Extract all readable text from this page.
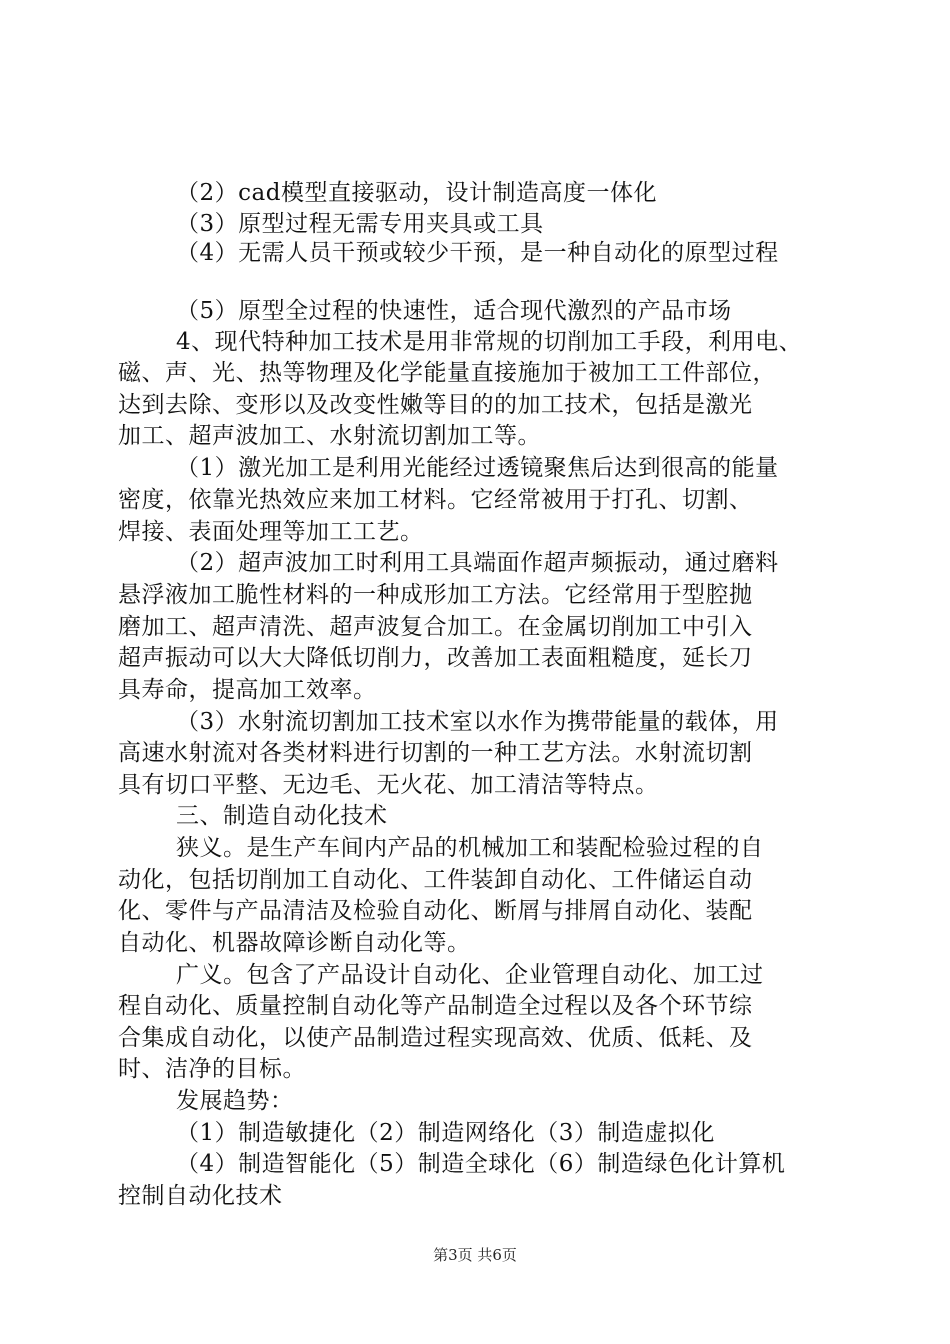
（2）cad模型直接驱动，设计制造高度一体化
（3）原型过程无需专用夹具或工具
（4）无需人员干预或较少干预，是一种自动化的原型过程
（5）原型全过程的快速性，适合现代激烈的产品市场
4、现代特种加工技术是用非常规的切削加工手段，利用电、
磁、声、光、热等物理及化学能量直接施加于被加工工件部位，
达到去除、变形以及改变性嫩等目的的加工技术，包括是激光
加工、超声波加工、水射流切割加工等。
（1）激光加工是利用光能经过透镜聚焦后达到很高的能量
密度，依靠光热效应来加工材料。它经常被用于打孔、切割、
焊接、表面处理等加工工艺。
（2）超声波加工时利用工具端面作超声频振动，通过磨料
悬浮液加工脆性材料的一种成形加工方法。它经常用于型腔抛
磨加工、超声清洗、超声波复合加工。在金属切削加工中引入
超声振动可以大大降低切削力，改善加工表面粗糙度，延长刀
具寿命，提高加工效率。
（3）水射流切割加工技术室以水作为携带能量的载体，用
高速水射流对各类材料进行切割的一种工艺方法。水射流切割
具有切口平整、无边毛、无火花、加工清洁等特点。
三、制造自动化技术
狭义。是生产车间内产品的机械加工和装配检验过程的自
动化，包括切削加工自动化、工件装卸自动化、工件储运自动
化、零件与产品清洁及检验自动化、断屑与排屑自动化、装配
自动化、机器故障诊断自动化等。
广义。包含了产品设计自动化、企业管理自动化、加工过
程自动化、质量控制自动化等产品制造全过程以及各个环节综
合集成自动化，以使产品制造过程实现高效、优质、低耗、及
时、洁净的目标。
发展趋势：
（1）制造敏捷化（2）制造网络化（3）制造虚拟化
（4）制造智能化（5）制造全球化（6）制造绿色化计算机
控制自动化技术
第3页 共6页
